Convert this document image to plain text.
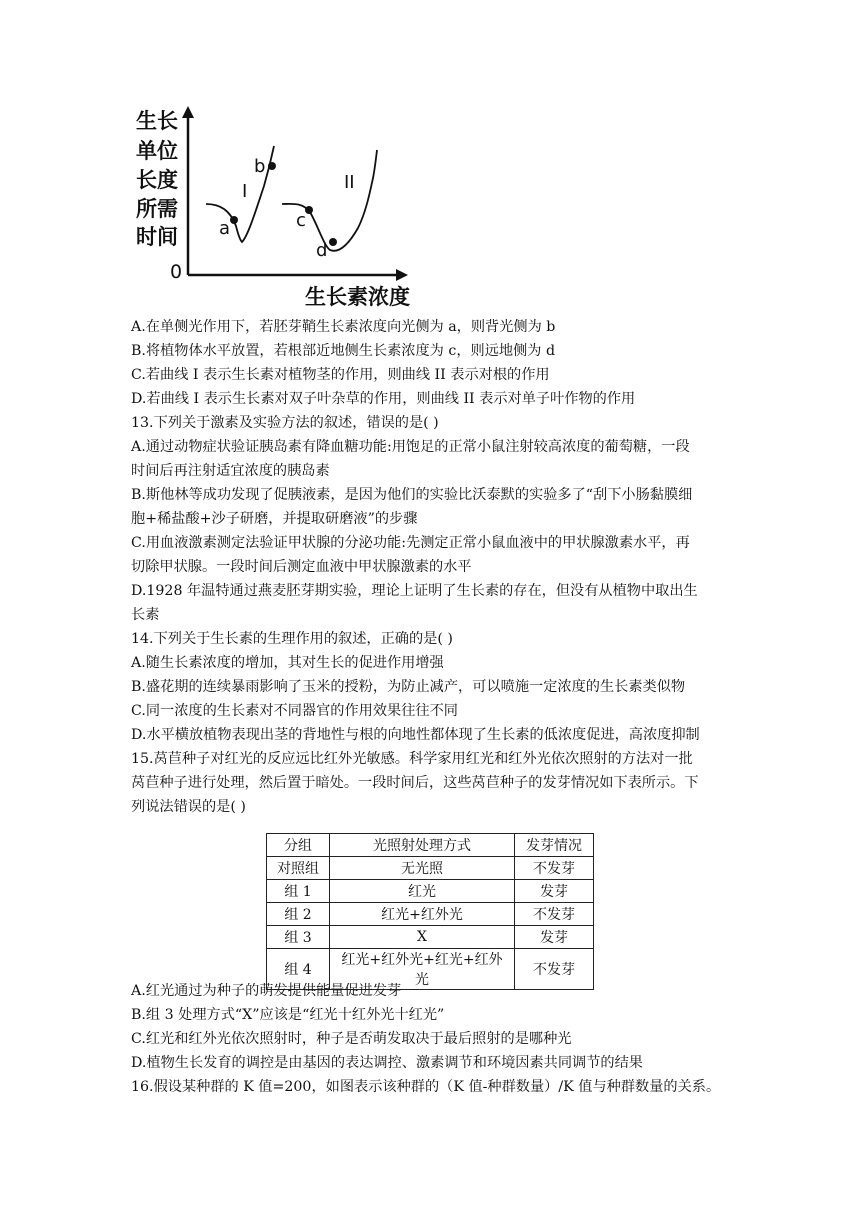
生长
单位
长度
所需
时间
0
生长素浓度
a
b
c
d
I	II
A.在单侧光作用下，若胚芽鞘生长素浓度向光侧为 a，则背光侧为 b
B.将植物体水平放置，若根部近地侧生长素浓度为 c，则远地侧为 d
C.若曲线 I 表示生长素对植物茎的作用，则曲线 II 表示对根的作用
D.若曲线 I 表示生长素对双子叶杂草的作用，则曲线 II 表示对单子叶作物的作用
13.下列关于激素及实验方法的叙述，错误的是( )
A.通过动物症状验证胰岛素有降血糖功能:用饱足的正常小鼠注射较高浓度的葡萄糖，一段
时间后再注射适宜浓度的胰岛素
B.斯他林等成功发现了促胰液素，是因为他们的实验比沃泰默的实验多了“刮下小肠黏膜细
胞+稀盐酸+沙子研磨，并提取研磨液”的步骤
C.用血液激素测定法验证甲状腺的分泌功能:先测定正常小鼠血液中的甲状腺激素水平，再
切除甲状腺。一段时间后测定血液中甲状腺激素的水平
D.1928 年温特通过燕麦胚芽期实验，理论上证明了生长素的存在，但没有从植物中取出生
长素
14.下列关于生长素的生理作用的叙述，正确的是( )
A.随生长素浓度的增加，其对生长的促进作用增强
B.盛花期的连续暴雨影响了玉米的授粉，为防止减产，可以喷施一定浓度的生长素类似物
C.同一浓度的生长素对不同器官的作用效果往往不同
D.水平横放植物表现出茎的背地性与根的向地性都体现了生长素的低浓度促进，高浓度抑制
15.莴苣种子对红光的反应远比红外光敏感。科学家用红光和红外光依次照射的方法对一批
莴苣种子进行处理，然后置于暗处。一段时间后，这些莴苣种子的发芽情况如下表所示。下
列说法错误的是( )
分组	光照射处理方式	发芽情况
对照组	无光照	不发芽
组 1	红光	发芽
组 2	红光+红外光	不发芽
组 3	X	发芽
组 4	红光+红外光+红光+红外光	不发芽
A.红光通过为种子的萌发提供能量促进发芽
B.组 3 处理方式“X”应该是“红光十红外光十红光”
C.红光和红外光依次照射时，种子是否萌发取决于最后照射的是哪种光
D.植物生长发育的调控是由基因的表达调控、激素调节和环境因素共同调节的结果
16.假设某种群的 K 值=200，如图表示该种群的（K 值-种群数量）/K 值与种群数量的关系。
